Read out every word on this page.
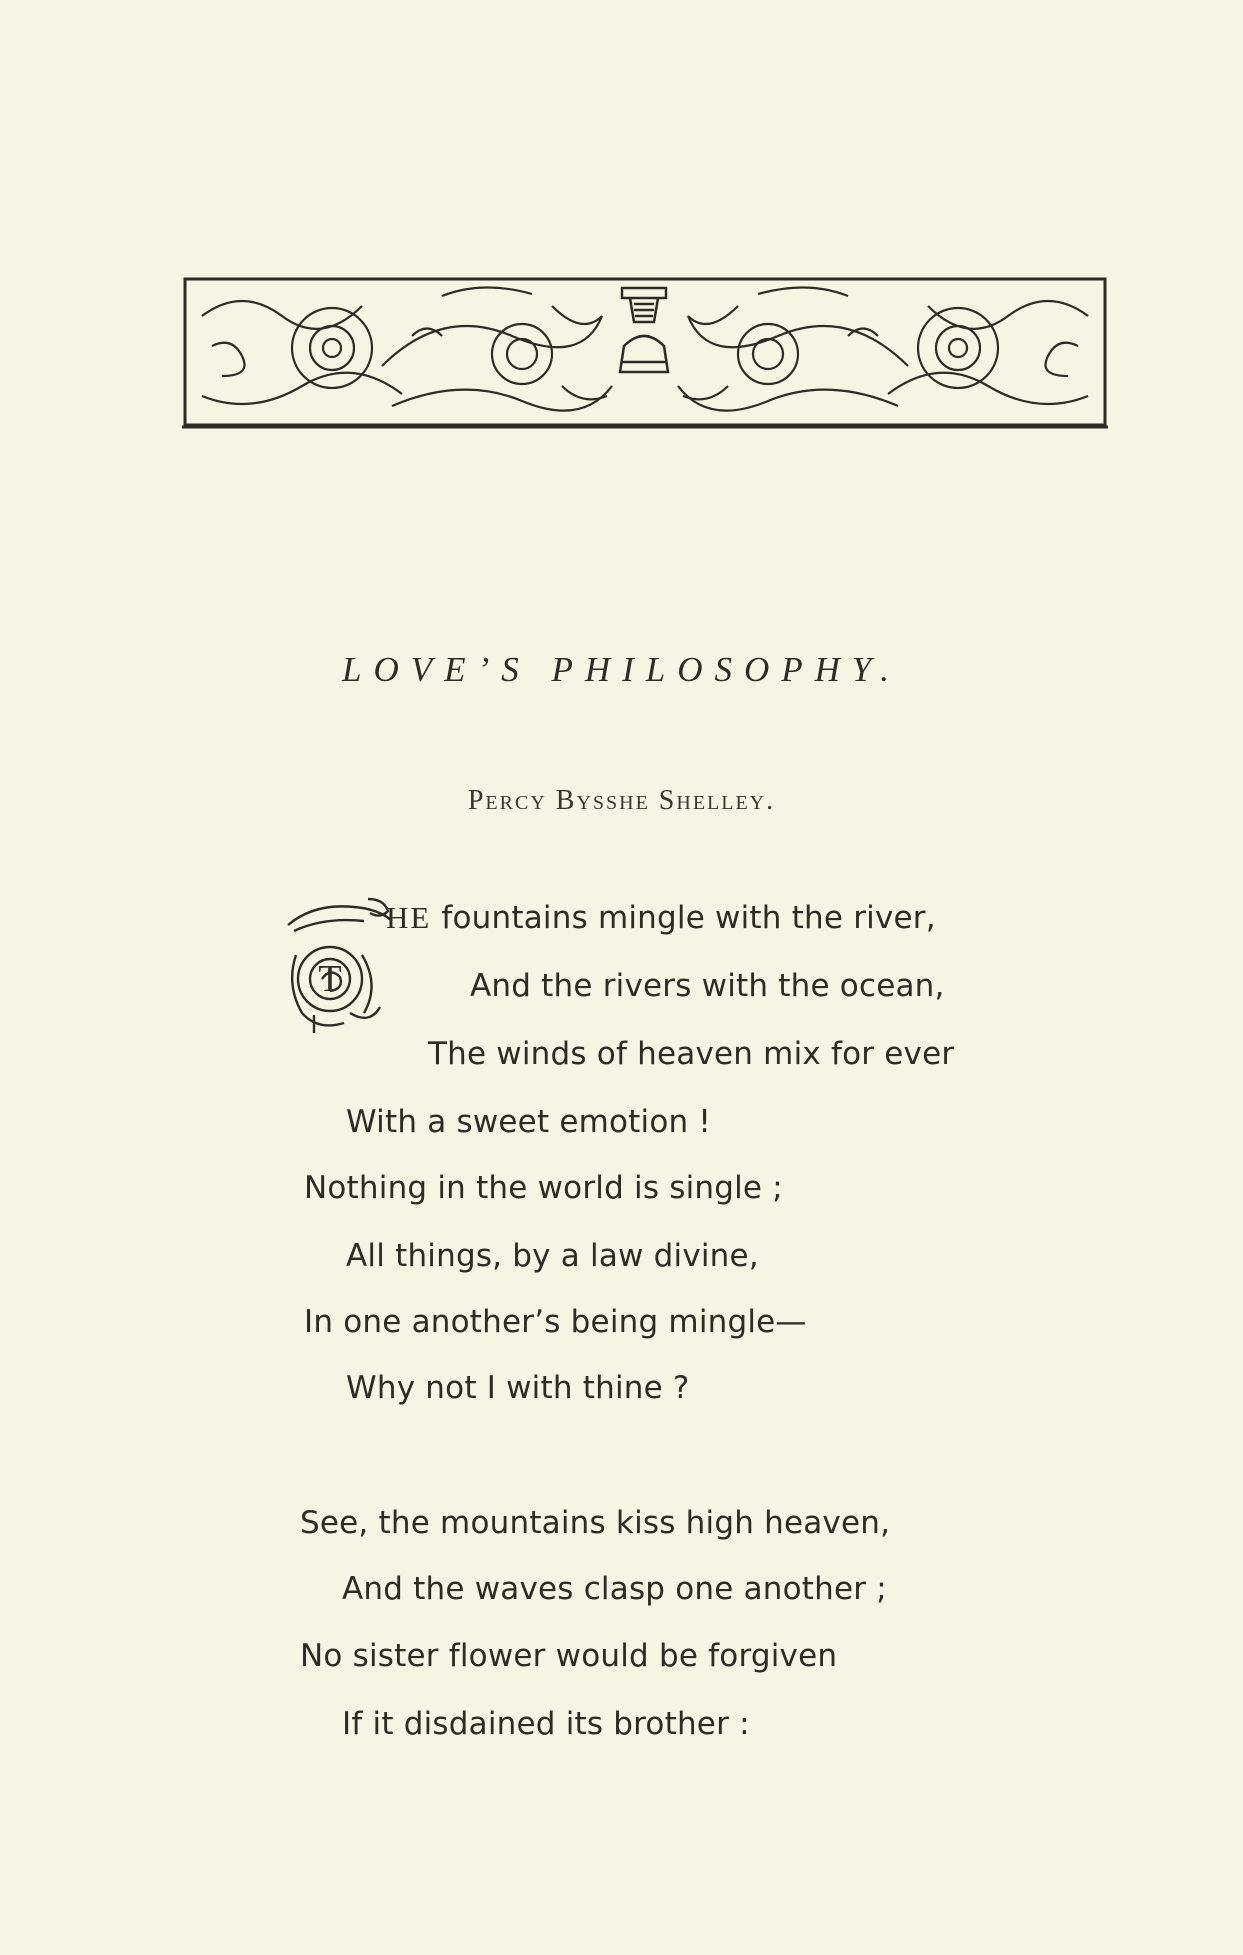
LOVE’S PHILOSOPHY.
Percy Bysshe Shelley.
T
HE fountains mingle with the river,
And the rivers with the ocean,
The winds of heaven mix for ever
With a sweet emotion !
Nothing in the world is single ;
All things, by a law divine,
In one another’s being mingle—
Why not I with thine ?
See, the mountains kiss high heaven,
And the waves clasp one another ;
No sister flower would be forgiven
If it disdained its brother :
